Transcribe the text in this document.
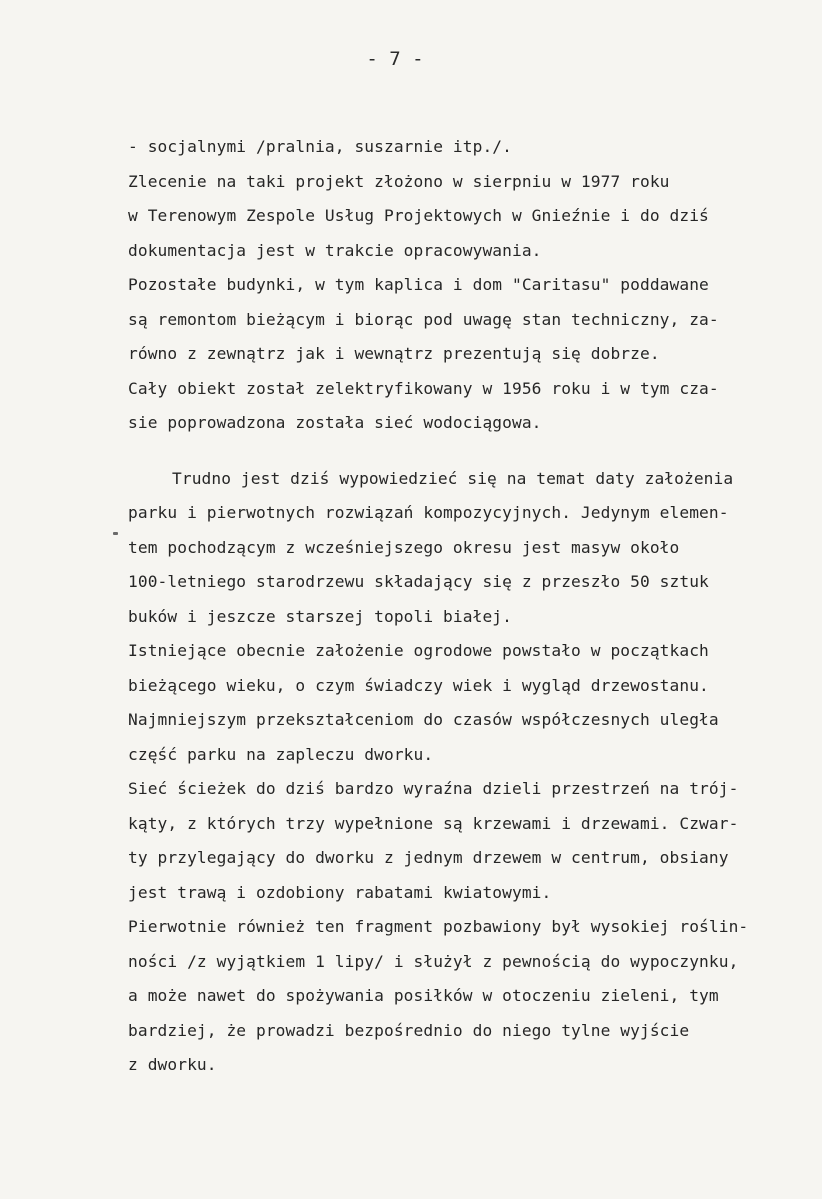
- 7 -
- socjalnymi /pralnia, suszarnie itp./.
Zlecenie na taki projekt złożono w sierpniu w 1977 roku
w Terenowym Zespole Usług Projektowych w Gnieźnie i do dziś
dokumentacja jest w trakcie opracowywania.
Pozostałe budynki, w tym kaplica i dom "Caritasu" poddawane
są remontom bieżącym i biorąc pod uwagę stan techniczny, za-
równo z zewnątrz jak i wewnątrz prezentują się dobrze.
Cały obiekt został zelektryfikowany w 1956 roku i w tym cza-
sie poprowadzona została sieć wodociągowa.
Trudno jest dziś wypowiedzieć się na temat daty założenia
parku i pierwotnych rozwiązań kompozycyjnych. Jedynym elemen-
tem pochodzącym z wcześniejszego okresu jest masyw około
100-letniego starodrzewu składający się z przeszło 50 sztuk
buków i jeszcze starszej topoli białej.
Istniejące obecnie założenie ogrodowe powstało w początkach
bieżącego wieku, o czym świadczy wiek i wygląd drzewostanu.
Najmniejszym przekształceniom do czasów współczesnych uległa
część parku na zapleczu dworku.
Sieć ścieżek do dziś bardzo wyraźna dzieli przestrzeń na trój-
kąty, z których trzy wypełnione są krzewami i drzewami. Czwar-
ty przylegający do dworku z jednym drzewem w centrum, obsiany
jest trawą i ozdobiony rabatami kwiatowymi.
Pierwotnie również ten fragment pozbawiony był wysokiej roślin-
ności /z wyjątkiem 1 lipy/ i służył z pewnością do wypoczynku,
a może nawet do spożywania posiłków w otoczeniu zieleni, tym
bardziej, że prowadzi bezpośrednio do niego tylne wyjście
z dworku.
